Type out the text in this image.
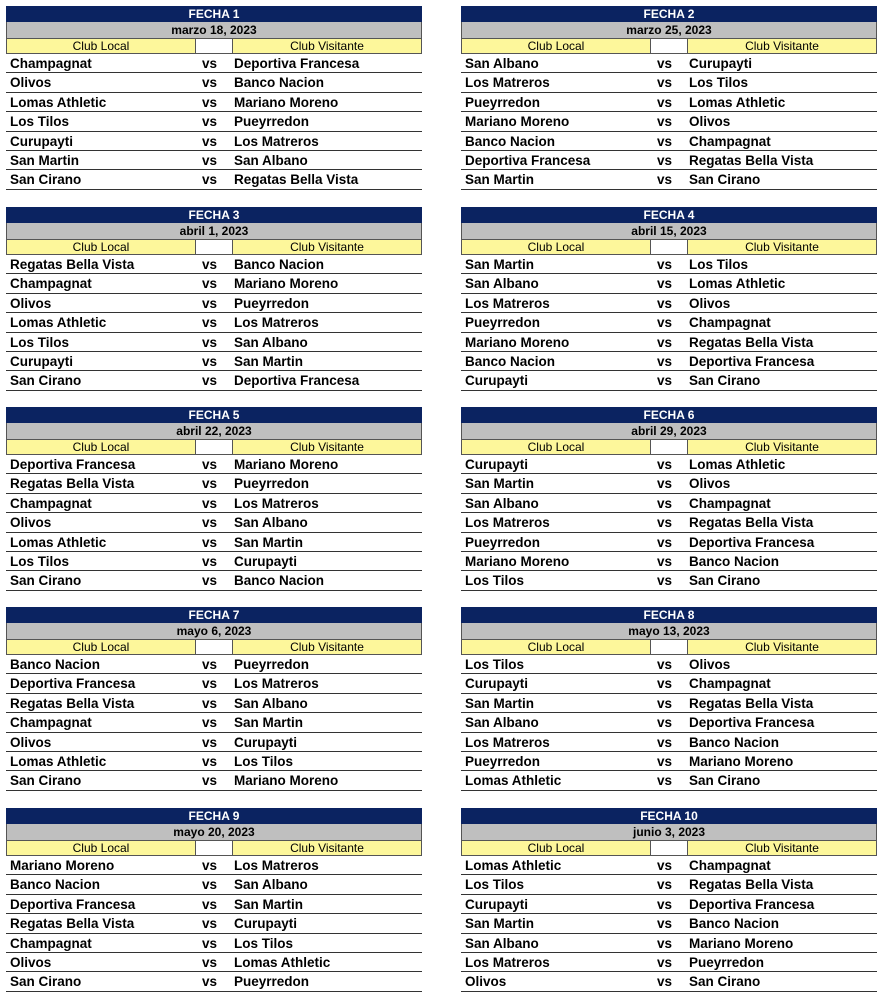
FECHA 1
marzo 18, 2023
Club Local	Club Visitante
Champagnat	vs	Deportiva Francesa
Olivos	vs	Banco Nacion
Lomas Athletic	vs	Mariano Moreno
Los Tilos	vs	Pueyrredon
Curupayti	vs	Los Matreros
San Martin	vs	San Albano
San Cirano	vs	Regatas Bella Vista
FECHA 2
marzo 25, 2023
Club Local	Club Visitante
San Albano	vs	Curupayti
Los Matreros	vs	Los Tilos
Pueyrredon	vs	Lomas Athletic
Mariano Moreno	vs	Olivos
Banco Nacion	vs	Champagnat
Deportiva Francesa	vs	Regatas Bella Vista
San Martin	vs	San Cirano
FECHA 3
abril 1, 2023
Club Local	Club Visitante
Regatas Bella Vista	vs	Banco Nacion
Champagnat	vs	Mariano Moreno
Olivos	vs	Pueyrredon
Lomas Athletic	vs	Los Matreros
Los Tilos	vs	San Albano
Curupayti	vs	San Martin
San Cirano	vs	Deportiva Francesa
FECHA 4
abril 15, 2023
Club Local	Club Visitante
San Martin	vs	Los Tilos
San Albano	vs	Lomas Athletic
Los Matreros	vs	Olivos
Pueyrredon	vs	Champagnat
Mariano Moreno	vs	Regatas Bella Vista
Banco Nacion	vs	Deportiva Francesa
Curupayti	vs	San Cirano
FECHA 5
abril 22, 2023
Club Local	Club Visitante
Deportiva Francesa	vs	Mariano Moreno
Regatas Bella Vista	vs	Pueyrredon
Champagnat	vs	Los Matreros
Olivos	vs	San Albano
Lomas Athletic	vs	San Martin
Los Tilos	vs	Curupayti
San Cirano	vs	Banco Nacion
FECHA 6
abril 29, 2023
Club Local	Club Visitante
Curupayti	vs	Lomas Athletic
San Martin	vs	Olivos
San Albano	vs	Champagnat
Los Matreros	vs	Regatas Bella Vista
Pueyrredon	vs	Deportiva Francesa
Mariano Moreno	vs	Banco Nacion
Los Tilos	vs	San Cirano
FECHA 7
mayo 6, 2023
Club Local	Club Visitante
Banco Nacion	vs	Pueyrredon
Deportiva Francesa	vs	Los Matreros
Regatas Bella Vista	vs	San Albano
Champagnat	vs	San Martin
Olivos	vs	Curupayti
Lomas Athletic	vs	Los Tilos
San Cirano	vs	Mariano Moreno
FECHA 8
mayo 13, 2023
Club Local	Club Visitante
Los Tilos	vs	Olivos
Curupayti	vs	Champagnat
San Martin	vs	Regatas Bella Vista
San Albano	vs	Deportiva Francesa
Los Matreros	vs	Banco Nacion
Pueyrredon	vs	Mariano Moreno
Lomas Athletic	vs	San Cirano
FECHA 9
mayo 20, 2023
Club Local	Club Visitante
Mariano Moreno	vs	Los Matreros
Banco Nacion	vs	San Albano
Deportiva Francesa	vs	San Martin
Regatas Bella Vista	vs	Curupayti
Champagnat	vs	Los Tilos
Olivos	vs	Lomas Athletic
San Cirano	vs	Pueyrredon
FECHA 10
junio 3, 2023
Club Local	Club Visitante
Lomas Athletic	vs	Champagnat
Los Tilos	vs	Regatas Bella Vista
Curupayti	vs	Deportiva Francesa
San Martin	vs	Banco Nacion
San Albano	vs	Mariano Moreno
Los Matreros	vs	Pueyrredon
Olivos	vs	San Cirano
